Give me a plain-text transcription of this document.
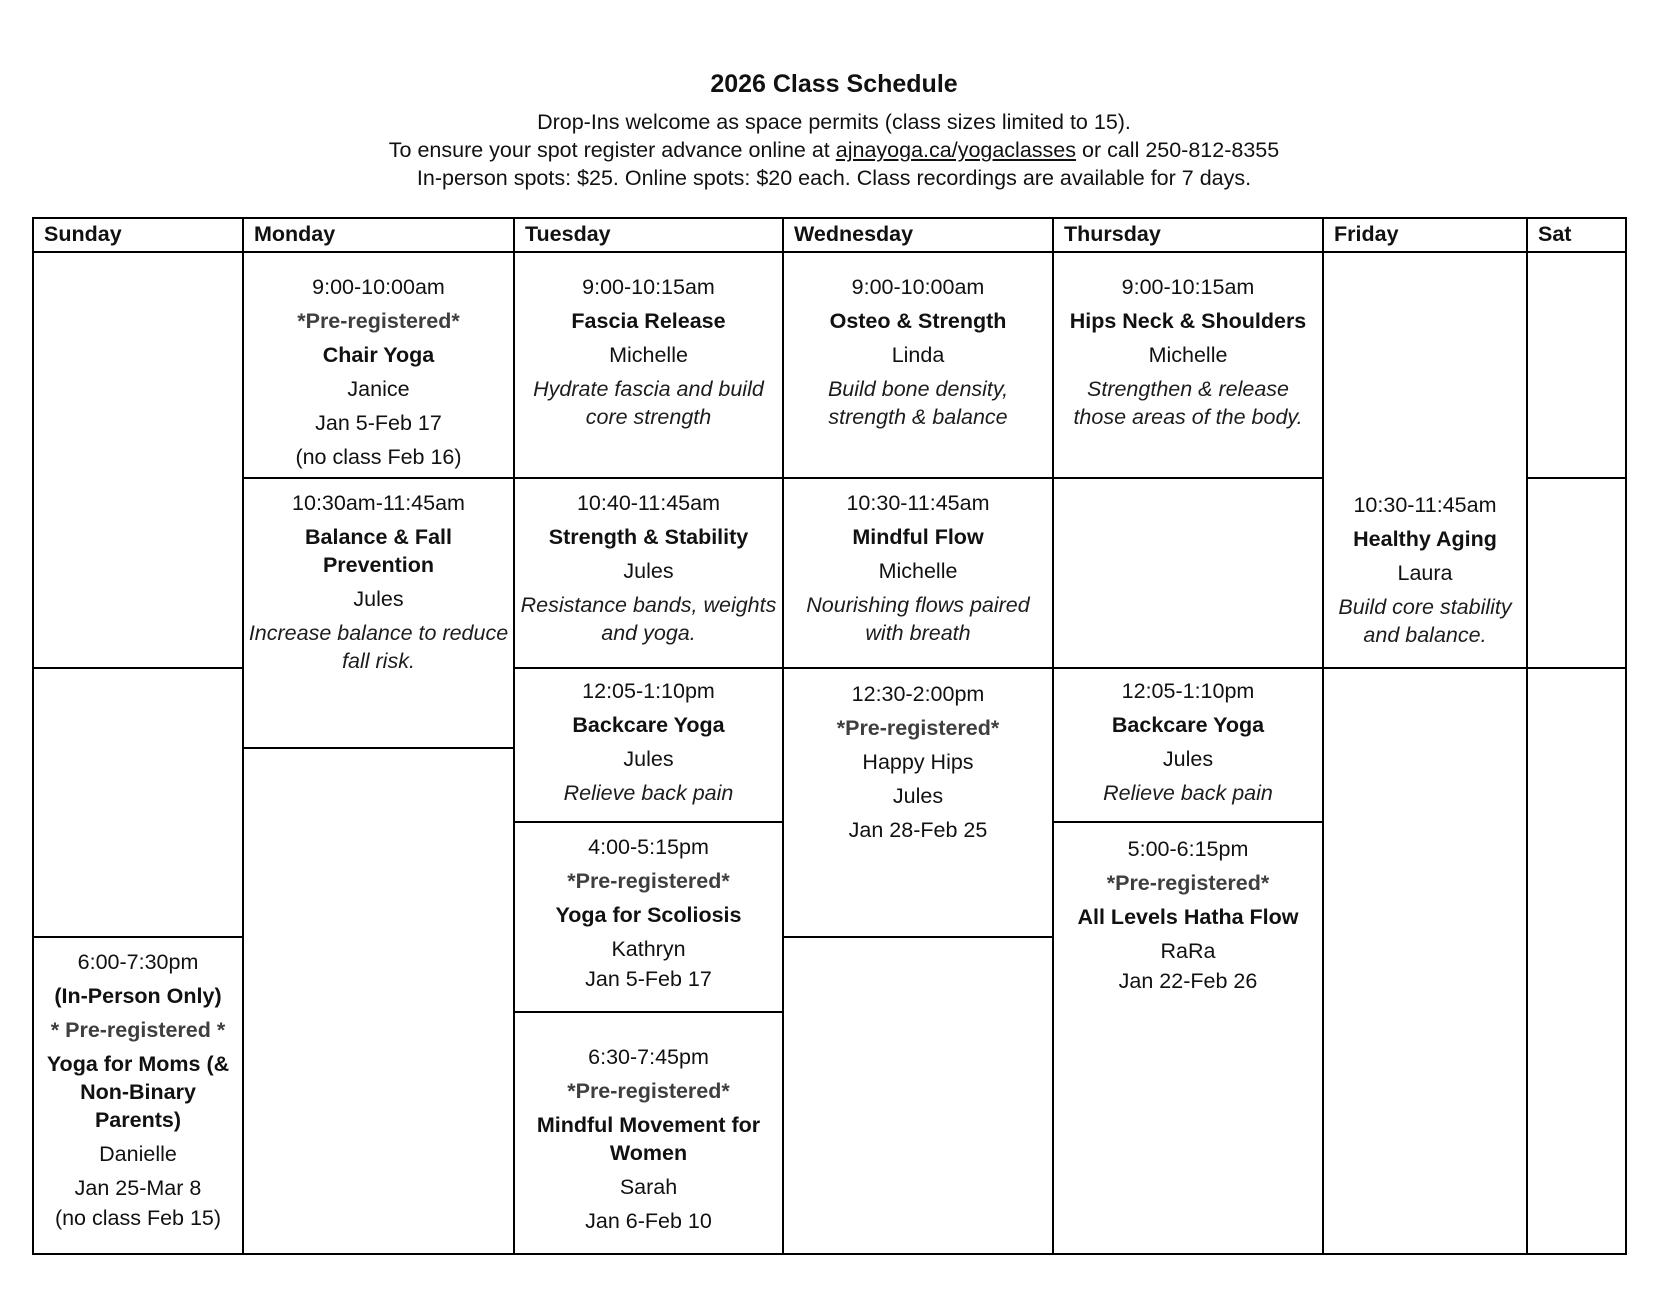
2026 Class Schedule
Drop-Ins welcome as space permits (class sizes limited to 15).
To ensure your spot register advance online at ajnayoga.ca/yogaclasses or call 250-812-8355
In-person spots: $25. Online spots: $20 each. Class recordings are available for 7 days.
Sunday
6:00-7:30pm
(In-Person Only)
* Pre-registered *
Yoga for Moms (& Non-Binary Parents)
Danielle
Jan 25-Mar 8
(no class Feb 15)
Monday
9:00-10:00am
*Pre-registered*
Chair Yoga
Janice
Jan 5-Feb 17
(no class Feb 16)
10:30am-11:45am
Balance & Fall Prevention
Jules
Increase balance to reduce fall risk.
Tuesday
9:00-10:15am
Fascia Release
Michelle
Hydrate fascia and build core strength
10:40-11:45am
Strength & Stability
Jules
Resistance bands, weights and yoga.
12:05-1:10pm
Backcare Yoga
Jules
Relieve back pain
4:00-5:15pm
*Pre-registered*
Yoga for Scoliosis
Kathryn
Jan 5-Feb 17
6:30-7:45pm
*Pre-registered*
Mindful Movement for Women
Sarah
Jan 6-Feb 10
Wednesday
9:00-10:00am
Osteo & Strength
Linda
Build bone density, strength & balance
10:30-11:45am
Mindful Flow
Michelle
Nourishing flows paired with breath
12:30-2:00pm
*Pre-registered*
Happy Hips
Jules
Jan 28-Feb 25
Thursday
9:00-10:15am
Hips Neck & Shoulders
Michelle
Strengthen & release those areas of the body.
12:05-1:10pm
Backcare Yoga
Jules
Relieve back pain
5:00-6:15pm
*Pre-registered*
All Levels Hatha Flow
RaRa
Jan 22-Feb 26
Friday
10:30-11:45am
Healthy Aging
Laura
Build core stability and balance.
Sat
